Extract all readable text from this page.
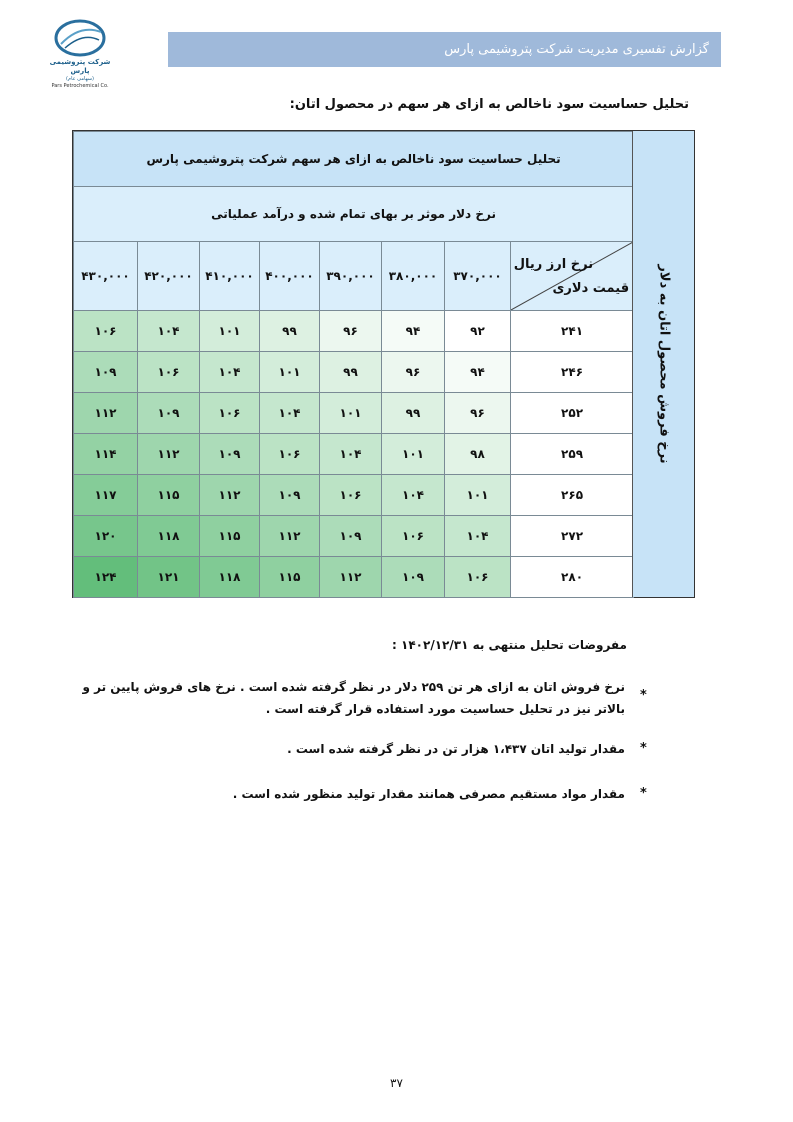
شرکت پتروشیمی پارس
(سهامی عام)
Pars Petrochemical Co.
گزارش تفسیری مدیریت شرکت پتروشیمی پارس
تحلیل حساسیت سود ناخالص به ازای هر سهم در محصول اتان:
تحلیل حساسیت سود ناخالص به ازای هر سهم شرکت پتروشیمی پارس							
نرخ دلار موثر بر بهای تمام شده و درآمد عملیاتی							
۴۳۰,۰۰۰	۴۲۰,۰۰۰	۴۱۰,۰۰۰	۴۰۰,۰۰۰	۳۹۰,۰۰۰	۳۸۰,۰۰۰	۳۷۰,۰۰۰	نرخ ارز ریال
قیمت دلاری

۱۰۶	۱۰۴	۱۰۱	۹۹	۹۶	۹۴	۹۲	۲۴۱
۱۰۹	۱۰۶	۱۰۴	۱۰۱	۹۹	۹۶	۹۴	۲۴۶
۱۱۲	۱۰۹	۱۰۶	۱۰۴	۱۰۱	۹۹	۹۶	۲۵۲
۱۱۴	۱۱۲	۱۰۹	۱۰۶	۱۰۴	۱۰۱	۹۸	۲۵۹
۱۱۷	۱۱۵	۱۱۲	۱۰۹	۱۰۶	۱۰۴	۱۰۱	۲۶۵
۱۲۰	۱۱۸	۱۱۵	۱۱۲	۱۰۹	۱۰۶	۱۰۴	۲۷۲
۱۲۴	۱۲۱	۱۱۸	۱۱۵	۱۱۲	۱۰۹	۱۰۶	۲۸۰
نرخ فروش محصول اتان به دلار
مفروضات تحلیل منتهی به ۱۴۰۲/۱۲/۳۱ :
*
نرخ فروش اتان به ازای هر تن ۲۵۹ دلار در نظر گرفته شده است . نرخ های فروش پایین تر و بالاتر نیز در تحلیل حساسیت مورد استفاده قرار گرفته است .
*
مقدار تولید اتان ۱،۴۳۷ هزار تن در نظر گرفته شده است .
*
مقدار مواد مستقیم مصرفی همانند مقدار تولید منظور شده است .
۳۷
